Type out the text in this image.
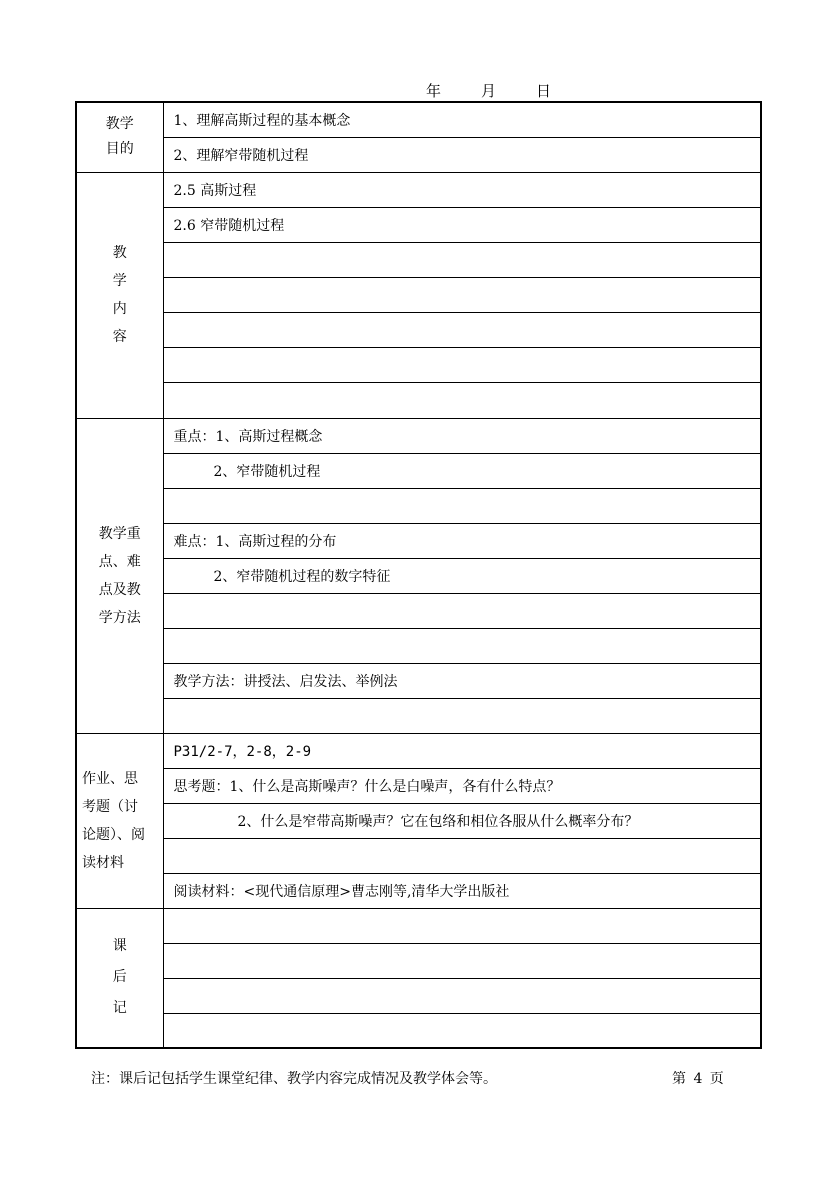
年	月	日
教学
目的	1、理解高斯过程的基本概念
	2、理解窄带随机过程

教
学
内
容	2.5 高斯过程
	2.6 窄带随机过程

教学重
点、难
点及教
学方法	重点：1、高斯过程概念
	2、窄带随机过程

	难点：1、高斯过程的分布
	2、窄带随机过程的数字特征

	教学方法：讲授法、启发法、举例法

作业、思
考题（讨
论题）、阅
读材料	P31/2-7，2-8，2-9
	思考题：1、什么是高斯噪声？什么是白噪声，各有什么特点？
	2、什么是窄带高斯噪声？它在包络和相位各服从什么概率分布？

	阅读材料：<现代通信原理>曹志刚等,清华大学出版社

课
后
记	

注：课后记包括学生课堂纪律、教学内容完成情况及教学体会等。	第 4 页
